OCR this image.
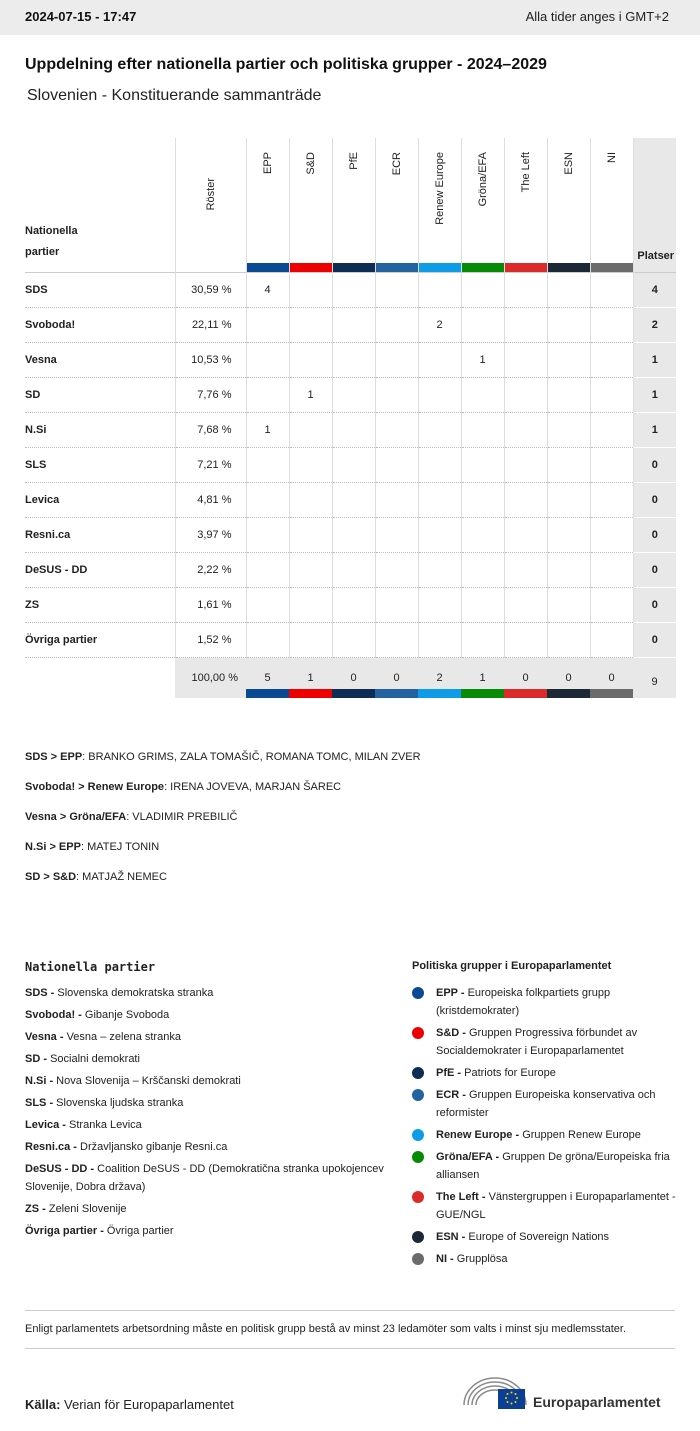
2024-07-15 - 17:47	Alla tider anges i GMT+2
Uppdelning efter nationella partier och politiska grupper - 2024–2029
Slovenien - Konstituerande sammanträde
Nationella partier	Röster	EPP	S&D	PfE	ECR	Renew Europe	Gröna/EFA	The Left	ESN	NI	Platser

SDS	30,59 %	4									4
Svoboda!	22,11 %					2					2
Vesna	10,53 %						1				1
SD	7,76 %		1								1
N.Si	7,68 %	1									1
SLS	7,21 %										0
Levica	4,81 %										0
Resni.ca	3,97 %										0
DeSUS - DD	2,22 %										0
ZS	1,61 %										0
Övriga partier	1,52 %										0
	100,00 %	5	1	0	0	2	1	0	0	0	9
SDS > EPP: BRANKO GRIMS, ZALA TOMAŠIČ, ROMANA TOMC, MILAN ZVER
Svoboda! > Renew Europe: IRENA JOVEVA, MARJAN ŠAREC
Vesna > Gröna/EFA: VLADIMIR PREBILIČ
N.Si > EPP: MATEJ TONIN
SD > S&D: MATJAŽ NEMEC
Nationella partier
SDS - Slovenska demokratska stranka
Svoboda! - Gibanje Svoboda
Vesna - Vesna – zelena stranka
SD - Socialni demokrati
N.Si - Nova Slovenija – Krščanski demokrati
SLS - Slovenska ljudska stranka
Levica - Stranka Levica
Resni.ca - Državljansko gibanje Resni.ca
DeSUS - DD - Coalition DeSUS - DD (Demokratična stranka upokojencev Slovenije, Dobra država)
ZS - Zeleni Slovenije
Övriga partier - Övriga partier
Politiska grupper i Europaparlamentet
EPP - Europeiska folkpartiets grupp (kristdemokrater)
S&D - Gruppen Progressiva förbundet av Socialdemokrater i Europaparlamentet
PfE - Patriots for Europe
ECR - Gruppen Europeiska konservativa och reformister
Renew Europe - Gruppen Renew Europe
Gröna/EFA - Gruppen De gröna/Europeiska fria alliansen
The Left - Vänstergruppen i Europaparlamentet - GUE/NGL
ESN - Europe of Sovereign Nations
NI - Grupplösa
Enligt parlamentets arbetsordning måste en politisk grupp bestå av minst 23 ledamöter som valts i minst sju medlemsstater.
Källa: Verian för Europaparlamentet	Europaparlamentet
